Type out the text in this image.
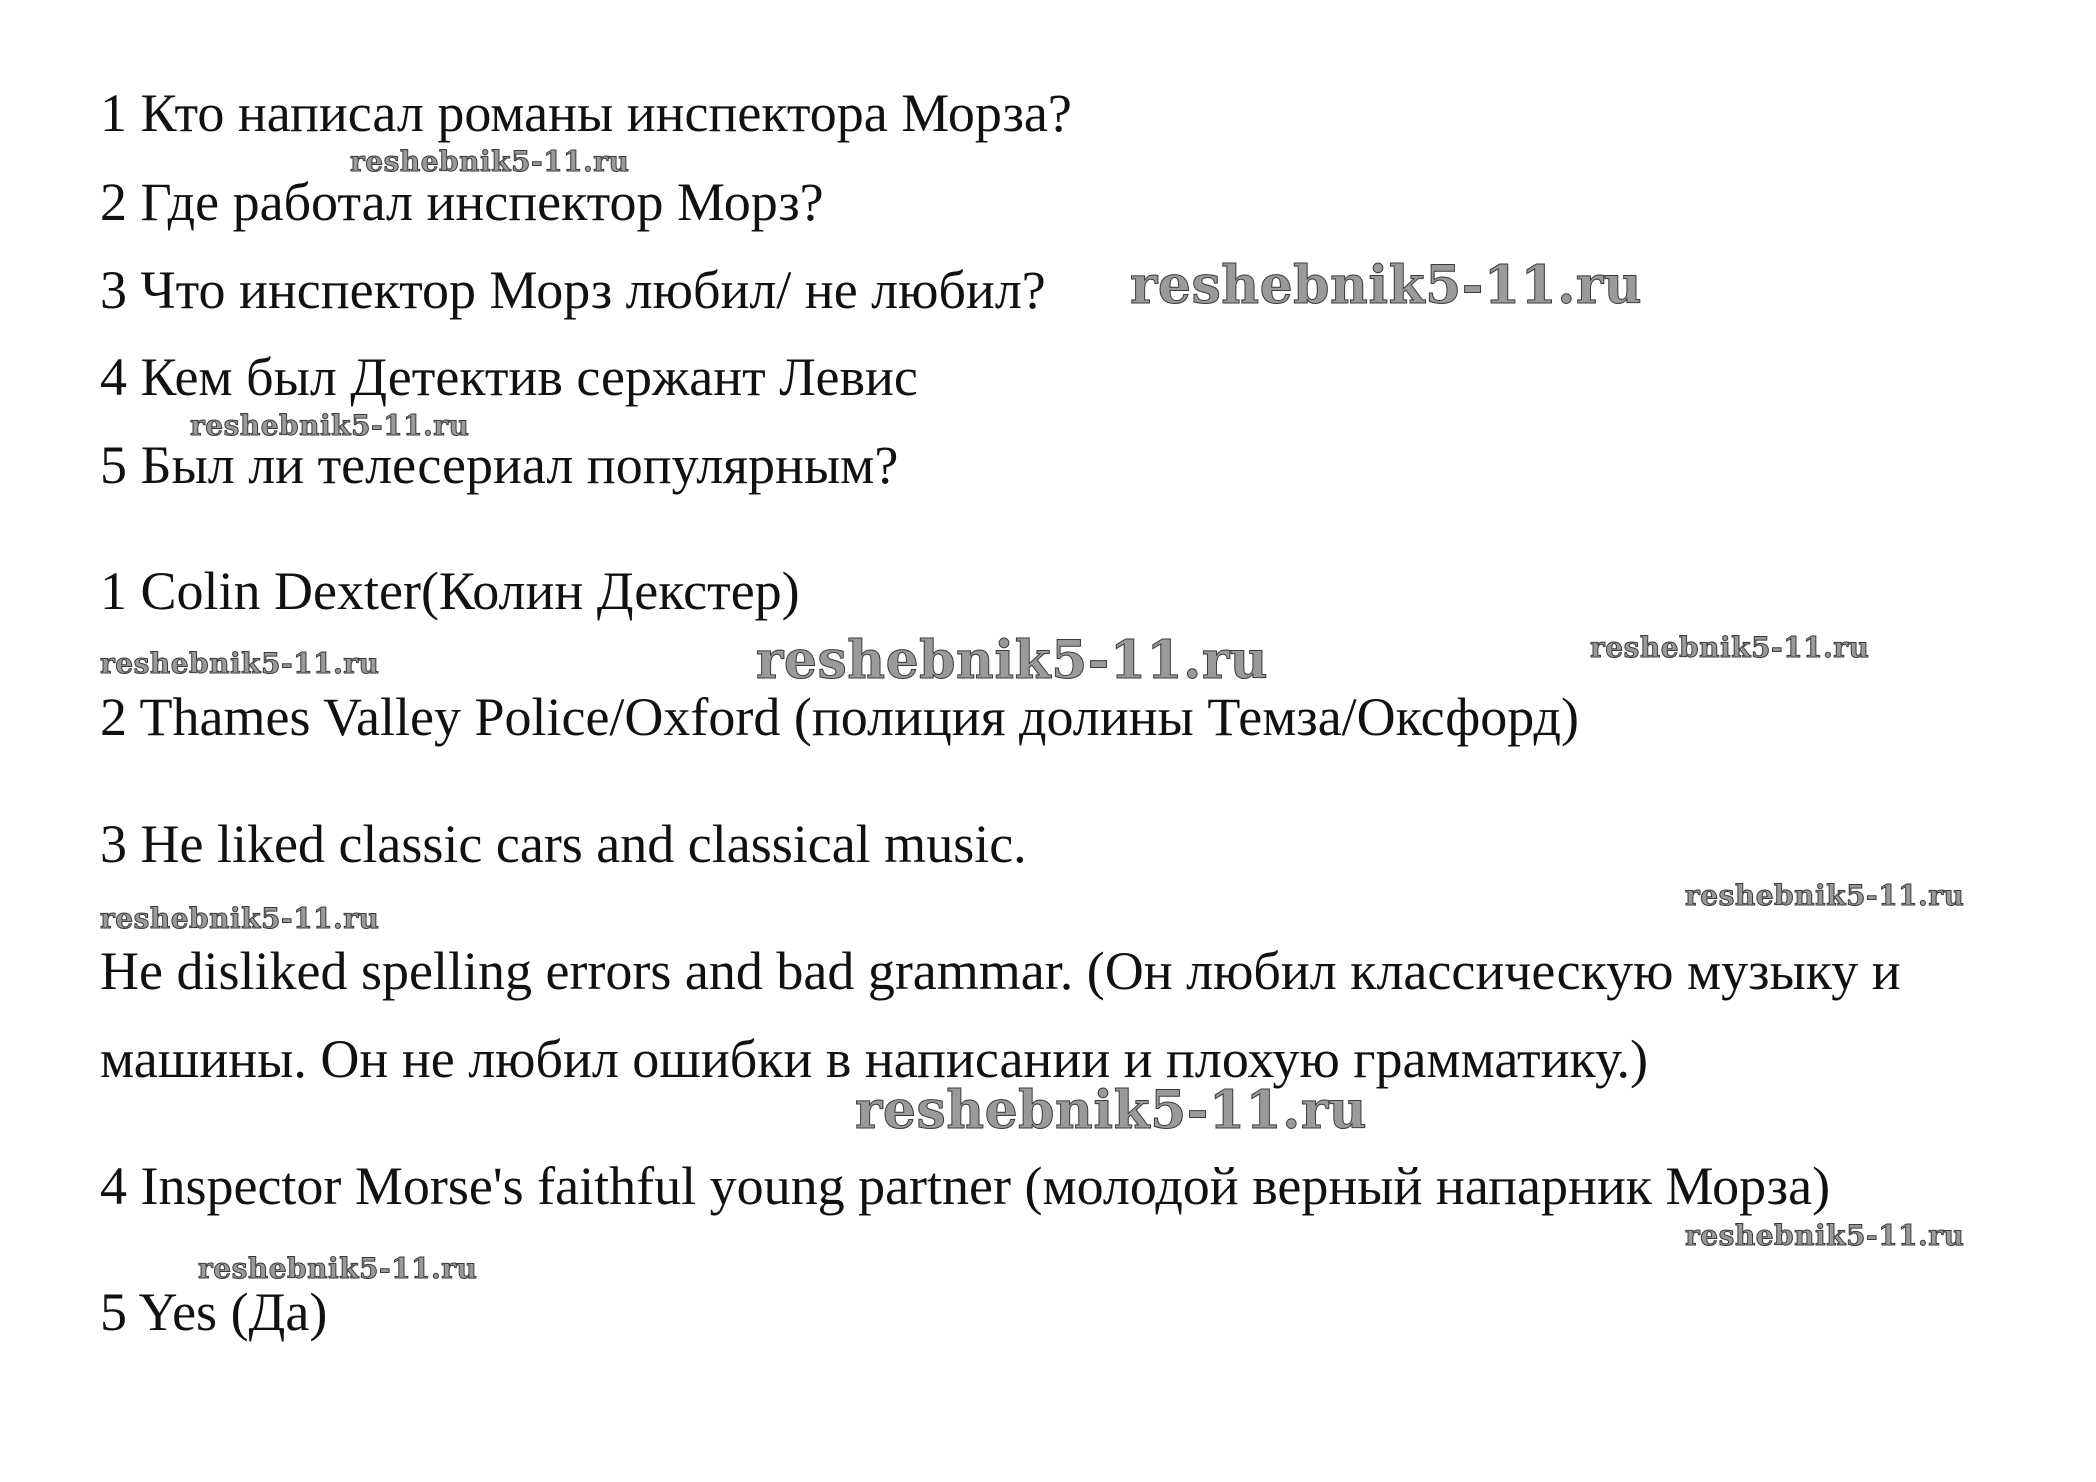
1 Кто написал романы инспектора Морза?
2 Где работал инспектор Морз?
3 Что инспектор Морз любил/ не любил?
4 Кем был Детектив сержант Левис
5 Был ли телесериал популярным?
1 Colin Dexter(Колин Декстер)
2 Thames Valley Police/Oxford (полиция долины Темза/Оксфорд)
3 He liked classic cars and classical music.
He disliked spelling errors and bad grammar. (Он любил классическую музыку и
машины. Он не любил ошибки в написании и плохую грамматику.)
4 Inspector Morse's faithful young partner (молодой верный напарник Морза)
5 Yes (Да)
reshebnik5-11.ru
reshebnik5-11.ru
reshebnik5-11.ru
reshebnik5-11.ru	reshebnik5-11.ru	reshebnik5-11.ru
reshebnik5-11.ru
reshebnik5-11.ru
reshebnik5-11.ru
reshebnik5-11.ru
reshebnik5-11.ru
